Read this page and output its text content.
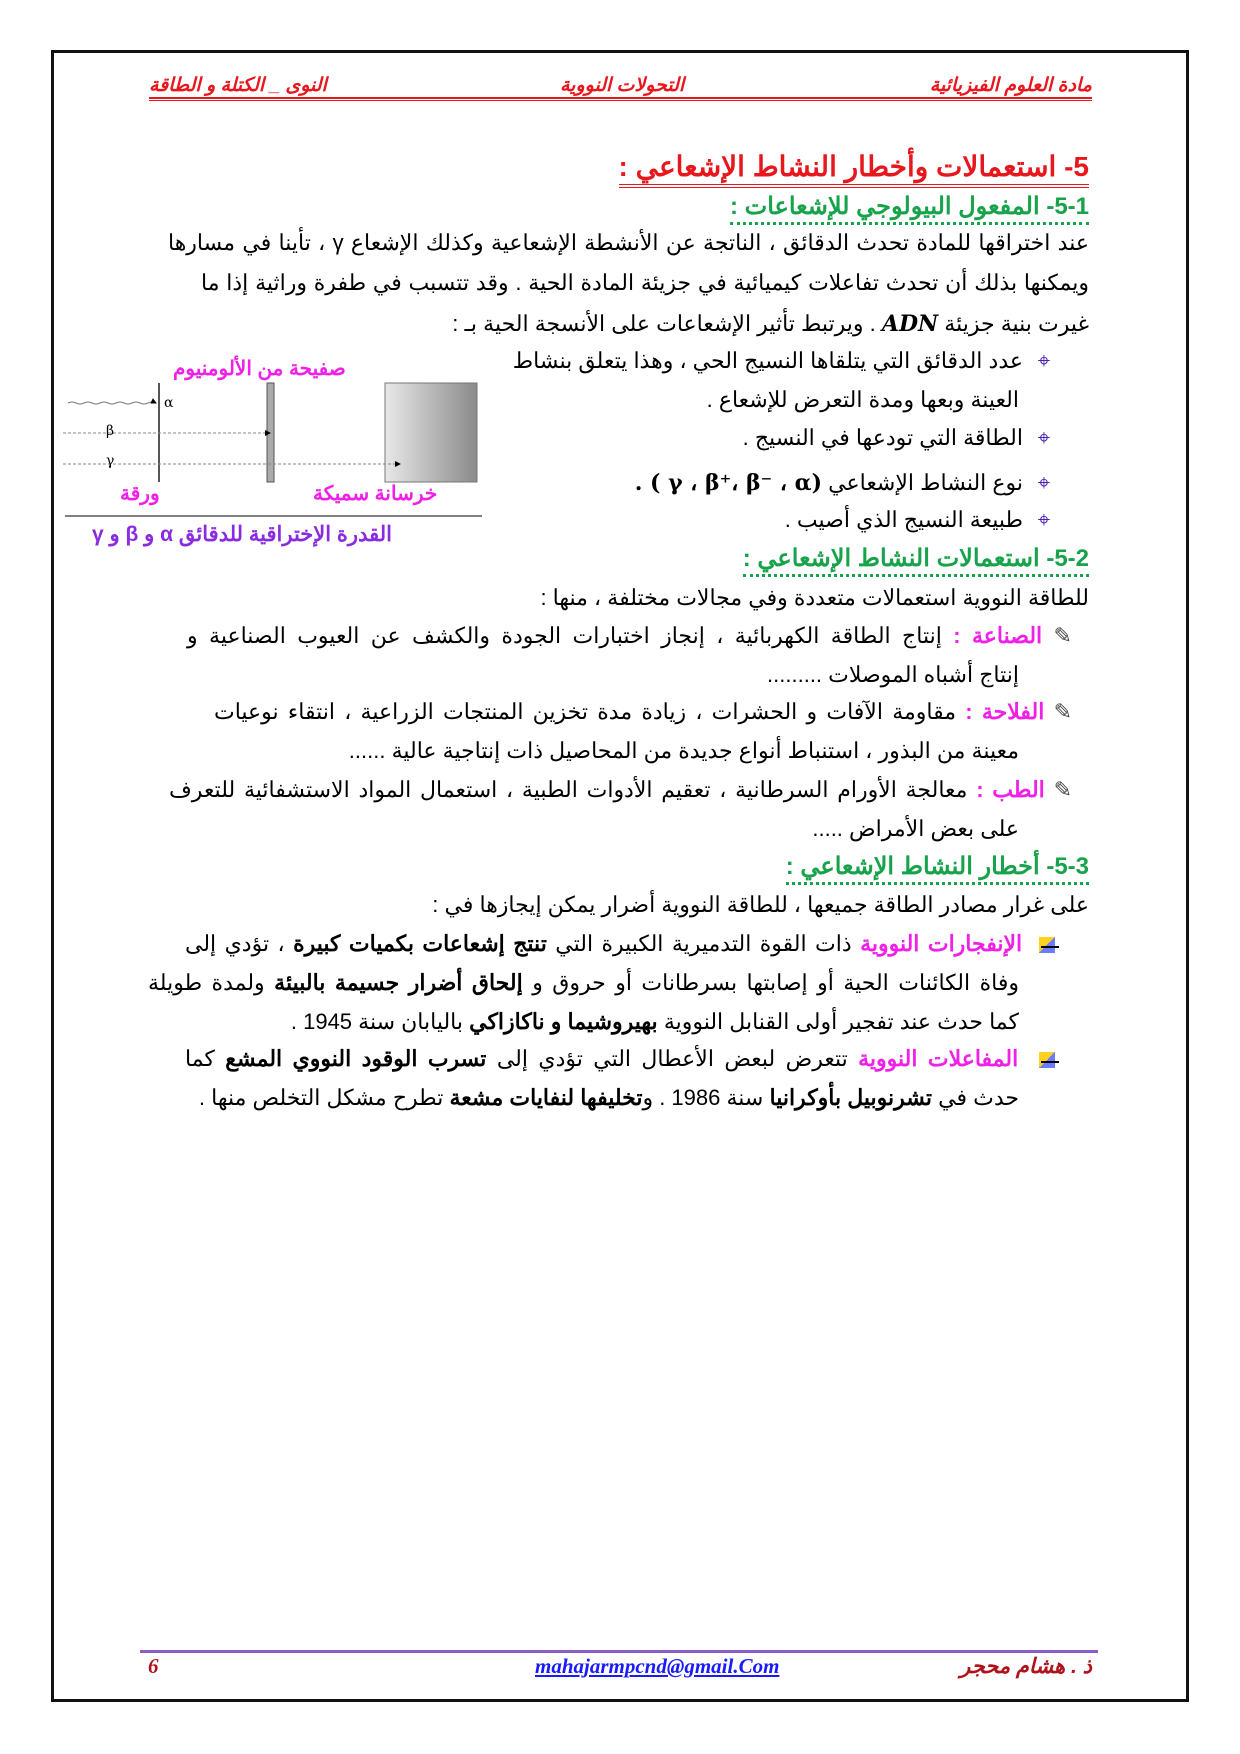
مادة العلوم الفيزيائية
التحولات النووية
النوى _ الكتلة و الطاقة
5- استعمالات وأخطار النشاط الإشعاعي :
5-1- المفعول البيولوجي للإشعاعات :
عند اختراقها للمادة تحدث الدقائق ، الناتجة عن الأنشطة الإشعاعية وكذلك الإشعاع γ ، تأينا في مسارها
ويمكنها بذلك أن تحدث تفاعلات كيميائية في جزيئة المادة الحية . وقد تتسبب في طفرة وراثية إذا ما
غيرت بنية جزيئة ADN . ويرتبط تأثير الإشعاعات على الأنسجة الحية بـ :
⌖عدد الدقائق التي يتلقاها النسيج الحي ، وهذا يتعلق بنشاط
العينة وبعها ومدة التعرض للإشعاع .
⌖الطاقة التي تودعها في النسيج .
⌖نوع النشاط الإشعاعي (γ ، β⁺، β⁻ ، α ) .
⌖طبيعة النسيج الذي أصيب .
α
β
γ
صفيحة من الألومنيوم
ورقة	خرسانة سميكة
القدرة الإختراقية للدقائق α و β و γ
5-2- استعمالات النشاط الإشعاعي :
للطاقة النووية استعمالات متعددة وفي مجالات مختلفة ، منها :
✎ الصناعة : إنتاج الطاقة الكهربائية ، إنجاز اختبارات الجودة والكشف عن العيوب الصناعية و
إنتاج أشباه الموصلات .........
✎ الفلاحة : مقاومة الآفات و الحشرات ، زيادة مدة تخزين المنتجات الزراعية ، انتقاء نوعيات
معينة من البذور ، استنباط أنواع جديدة من المحاصيل ذات إنتاجية عالية ......
✎ الطب : معالجة الأورام السرطانية ، تعقيم الأدوات الطبية ، استعمال المواد الاستشفائية للتعرف
على بعض الأمراض .....
5-3- أخطار النشاط الإشعاعي :
على غرار مصادر الطاقة جميعها ، للطاقة النووية أضرار يمكن إيجازها في :
الإنفجارات النووية ذات القوة التدميرية الكبيرة التي تنتج إشعاعات بكميات كبيرة ، تؤدي إلى
وفاة الكائنات الحية أو إصابتها بسرطانات أو حروق و إلحاق أضرار جسيمة بالبيئة ولمدة طويلة
كما حدث عند تفجير أولى القنابل النووية بهيروشيما و ناكازاكي باليابان سنة 1945 .
المفاعلات النووية تتعرض لبعض الأعطال التي تؤدي إلى تسرب الوقود النووي المشع كما
حدث في تشرنوبيل بأوكرانيا سنة 1986 . وتخليفها لنفايات مشعة تطرح مشكل التخلص منها .
ذ . هشام محجر
mahajarmpcnd@gmail.Com
6
